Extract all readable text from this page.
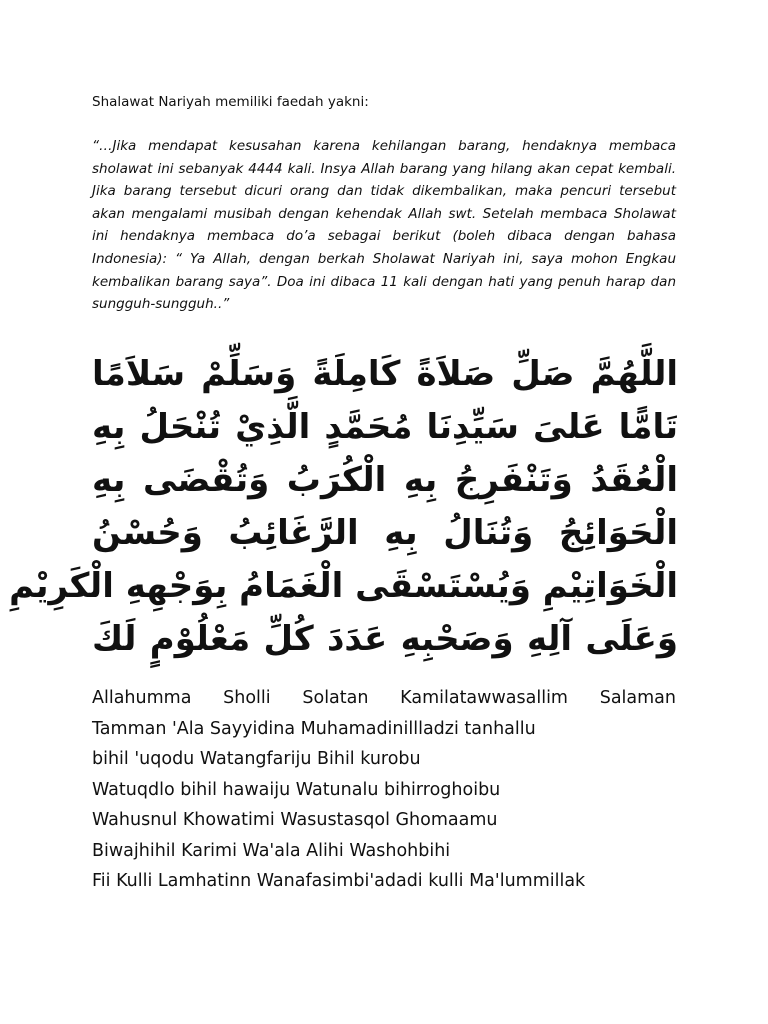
Shalawat Nariyah memiliki faedah yakni:

“…Jika mendapat kesusahan karena kehilangan barang, hendaknya membaca sholawat ini sebanyak 4444 kali. Insya Allah barang yang hilang akan cepat kembali. Jika barang tersebut dicuri orang dan tidak dikembalikan, maka pencuri tersebut akan mengalami musibah dengan kehendak Allah swt. Setelah membaca Sholawat ini hendaknya membaca do’a sebagai berikut (boleh dibaca dengan bahasa Indonesia): “ Ya Allah, dengan berkah Sholawat Nariyah ini, saya mohon Engkau kembalikan barang saya”. Doa ini dibaca 11 kali dengan hati yang penuh harap dan sungguh-sungguh..”

اللَّهُمَّ صَلِّ صَلاَةً كَامِلَةً وَسَلِّمْ سَلاَمًا
تَامًّا عَلىَ سَيِّدِنَا مُحَمَّدٍ الَّذِيْ تُنْحَلُ بِهِ
الْعُقَدُ وَتَنْفَرِجُ بِهِ الْكُرَبُ وَتُقْضَى بِهِ
الْحَوَائِجُ وَتُنَالُ بِهِ الرَّغَائِبُ وَحُسْنُ
الْخَوَاتِيْمِ وَيُسْتَسْقَى الْغَمَامُ بِوَجْهِهِ الْكَرِيْمِ
وَعَلَى آلِهِ وَصَحْبِهِ عَدَدَ كُلِّ مَعْلُوْمٍ لَكَ
Allahumma Sholli Solatan Kamilatawwasallim Salaman
Tamman 'Ala Sayyidina Muhamadinillladzi tanhallu
bihil 'uqodu Watangfariju Bihil kurobu
Watuqdlo bihil hawaiju Watunalu bihirroghoibu
Wahusnul Khowatimi Wasustasqol Ghomaamu
Biwajhihil Karimi Wa'ala Alihi Washohbihi
Fii Kulli Lamhatinn Wanafasimbi'adadi kulli Ma'lummillak
